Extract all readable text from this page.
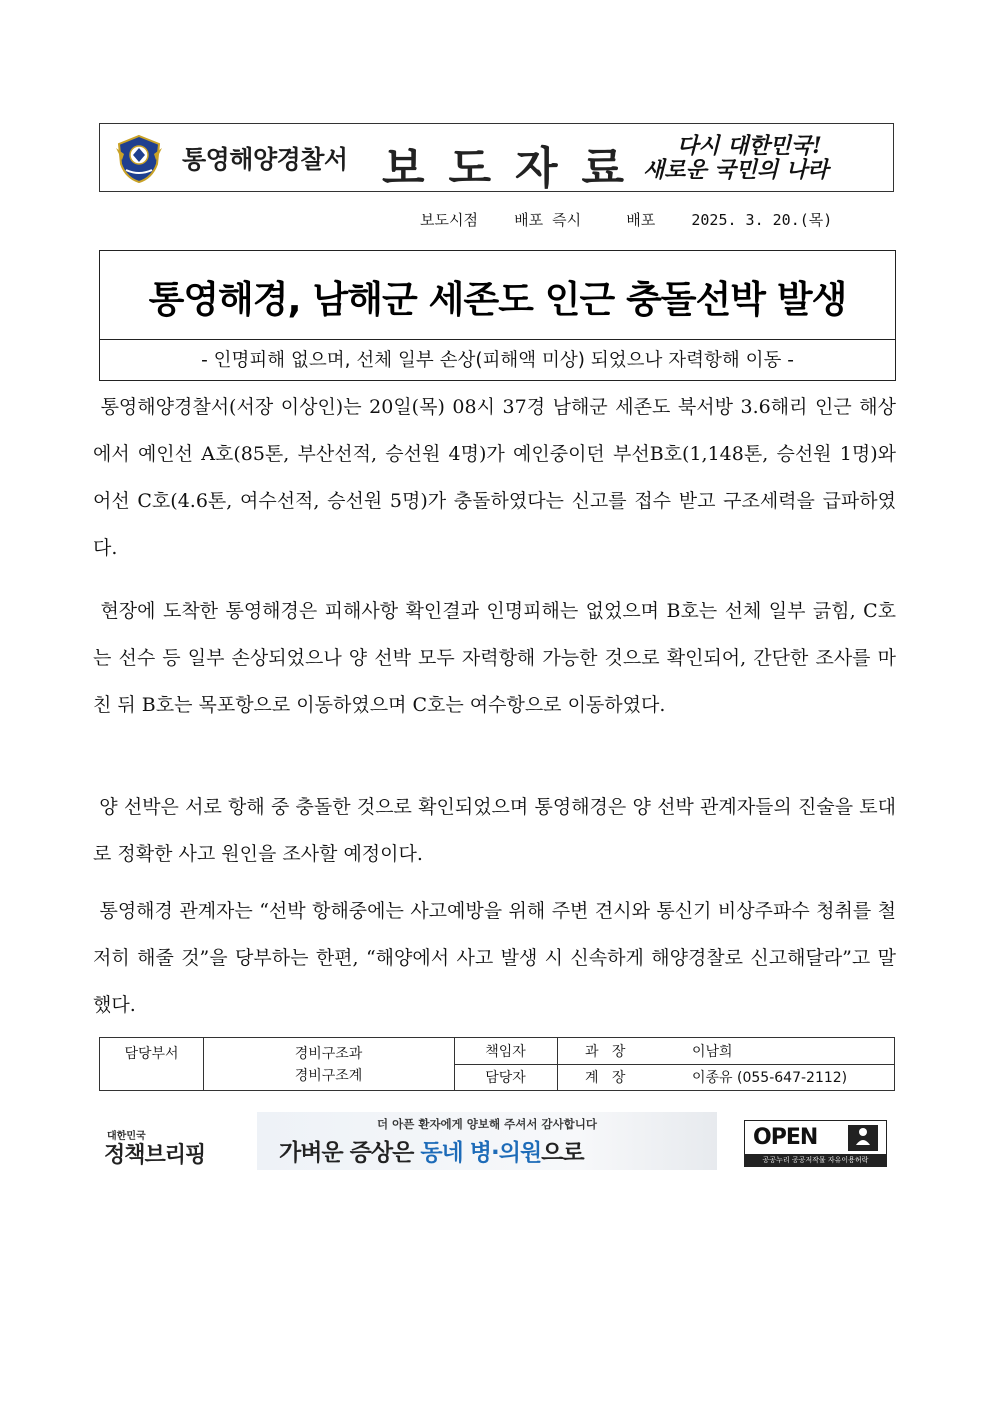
통영해양경찰서 보도자료 다시 대한민국!
새로운 국민의 나라
보도시점 배포 즉시	배포 2025. 3. 20.(목)
통영해경, 남해군 세존도 인근 충돌선박 발생
- 인명피해 없으며, 선체 일부 손상(피해액 미상) 되었으나 자력항해 이동 -
통영해양경찰서(서장 이상인)는 20일(목) 08시 37경 남해군 세존도 북서방 3.6해리 인근 해상에서 예인선 A호(85톤, 부산선적, 승선원 4명)가 예인중이던 부선B호(1,148톤, 승선원 1명)와 어선 C호(4.6톤, 여수선적, 승선원 5명)가 충돌하였다는 신고를 접수 받고 구조세력을 급파하였다.
현장에 도착한 통영해경은 피해사항 확인결과 인명피해는 없었으며 B호는 선체 일부 긁힘, C호는 선수 등 일부 손상되었으나 양 선박 모두 자력항해 가능한 것으로 확인되어, 간단한 조사를 마친 뒤 B호는 목포항으로 이동하였으며 C호는 여수항으로 이동하였다.
양 선박은 서로 항해 중 충돌한 것으로 확인되었으며 통영해경은 양 선박 관계자들의 진술을 토대로 정확한 사고 원인을 조사할 예정이다.
통영해경 관계자는 “선박 항해중에는 사고예방을 위해 주변 견시와 통신기 비상주파수 청취를 철저히 해줄 것”을 당부하는 한편, “해양에서 사고 발생 시 신속하게 해양경찰로 신고해달라”고 말했다.
담당부서	경비구조과
경비구조계
책임자	과   장	이남희
담당자	계   장	이종유 (055-647-2112)
대한민국
정책브리핑
더 아픈 환자에게 양보해 주셔서 감사합니다
가벼운 증상은 동네 병·의원으로
OPEN
공공누리 공공저작물 자유이용허락
